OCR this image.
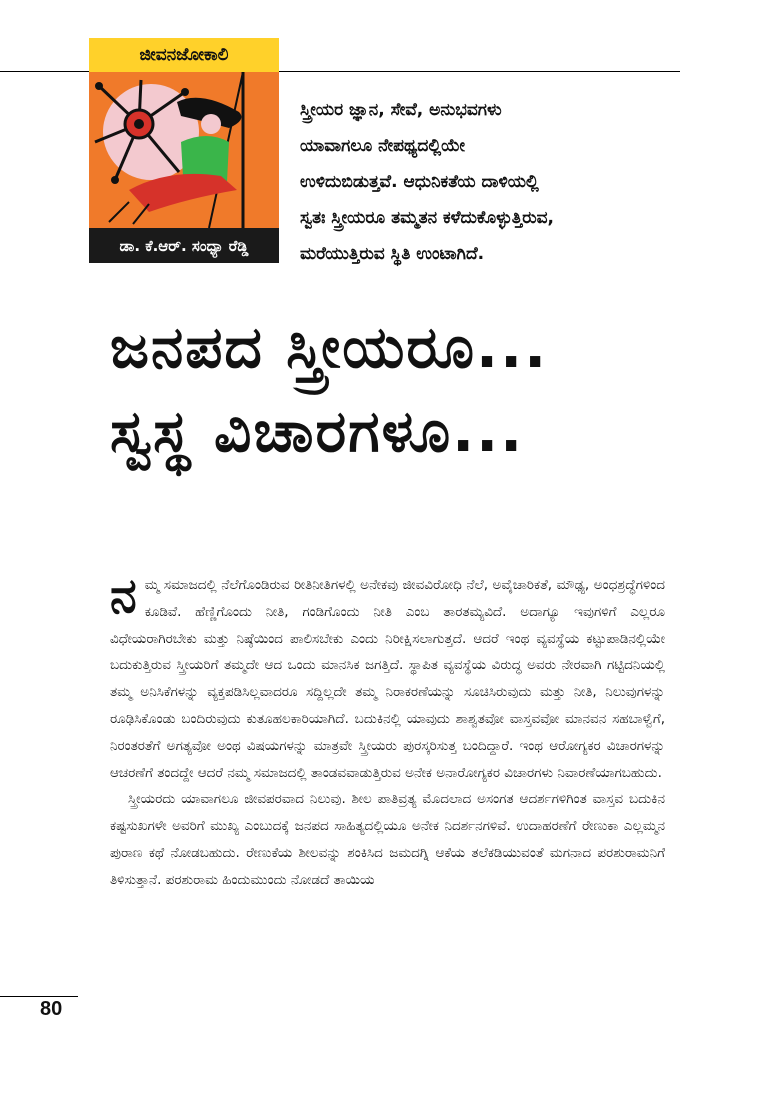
ಜೀವನಜೋಕಾಲಿ
ಡಾ. ಕೆ.ಆರ್. ಸಂಧ್ಯಾ ರೆಡ್ಡಿ

ಸ್ತ್ರೀಯರ ಜ್ಞಾನ, ಸೇವೆ, ಅನುಭವಗಳು

ಯಾವಾಗಲೂ ನೇಪಥ್ಯದಲ್ಲಿಯೇ

ಉಳಿದುಬಿಡುತ್ತವೆ. ಆಧುನಿಕತೆಯ ದಾಳಿಯಲ್ಲಿ

ಸ್ವತಃ ಸ್ತ್ರೀಯರೂ ತಮ್ಮತನ ಕಳೆದುಕೊಳ್ಳುತ್ತಿರುವ,

ಮರೆಯುತ್ತಿರುವ ಸ್ಥಿತಿ ಉಂಟಾಗಿದೆ.

ಜನಪದ ಸ್ತ್ರೀಯರೂ...
ಸ್ವಸ್ಥ ವಿಚಾರಗಳೂ...

ನಮ್ಮ ಸಮಾಜದಲ್ಲಿ ನೆಲೆಗೊಂಡಿರುವ ರೀತಿನೀತಿಗಳಲ್ಲಿ ಅನೇಕವು ಜೀವವಿರೋಧಿ ನೆಲೆ, ಅವೈಚಾರಿಕತೆ, ಮೌಢ್ಯ, ಅಂಧಶ್ರದ್ಧೆಗಳಿಂದ ಕೂಡಿವೆ. ಹೆಣ್ಣಿಗೊಂದು ನೀತಿ, ಗಂಡಿಗೊಂದು ನೀತಿ ಎಂಬ ತಾರತಮ್ಯವಿದೆ. ಅದಾಗ್ಯೂ ಇವುಗಳಿಗೆ ಎಲ್ಲರೂ ವಿಧೇಯರಾಗಿರಬೇಕು ಮತ್ತು ನಿಷ್ಠೆಯಿಂದ ಪಾಲಿಸಬೇಕು ಎಂದು ನಿರೀಕ್ಷಿಸಲಾಗುತ್ತದೆ. ಆದರೆ ಇಂಥ ವ್ಯವಸ್ಥೆಯ ಕಟ್ಟುಪಾಡಿನಲ್ಲಿಯೇ ಬದುಕುತ್ತಿರುವ ಸ್ತ್ರೀಯರಿಗೆ ತಮ್ಮದೇ ಆದ ಒಂದು ಮಾನಸಿಕ ಜಗತ್ತಿದೆ. ಸ್ಥಾಪಿತ ವ್ಯವಸ್ಥೆಯ ವಿರುದ್ಧ ಅವರು ನೇರವಾಗಿ ಗಟ್ಟಿದನಿಯಲ್ಲಿ ತಮ್ಮ ಅನಿಸಿಕೆಗಳನ್ನು ವ್ಯಕ್ತಪಡಿಸಿಲ್ಲವಾದರೂ ಸದ್ದಿಲ್ಲದೇ ತಮ್ಮ ನಿರಾಕರಣೆಯನ್ನು ಸೂಚಿಸಿರುವುದು ಮತ್ತು ನೀತಿ, ನಿಲುವುಗಳನ್ನು ರೂಢಿಸಿಕೊಂಡು ಬಂದಿರುವುದು ಕುತೂಹಲಕಾರಿಯಾಗಿದೆ. ಬದುಕಿನಲ್ಲಿ ಯಾವುದು ಶಾಶ್ವತವೋ ವಾಸ್ತವವೋ ಮಾನವನ ಸಹಬಾಳ್ವೆಗೆ, ನಿರಂತರತೆಗೆ ಅಗತ್ಯವೋ ಅಂಥ ವಿಷಯಗಳನ್ನು ಮಾತ್ರವೇ ಸ್ತ್ರೀಯರು ಪುರಸ್ಕರಿಸುತ್ತ ಬಂದಿದ್ದಾರೆ. ಇಂಥ ಆರೋಗ್ಯಕರ ವಿಚಾರಗಳನ್ನು ಆಚರಣೆಗೆ ತಂದದ್ದೇ ಆದರೆ ನಮ್ಮ ಸಮಾಜದಲ್ಲಿ ತಾಂಡವವಾಡುತ್ತಿರುವ ಅನೇಕ ಅನಾರೋಗ್ಯಕರ ವಿಚಾರಗಳು ನಿವಾರಣೆಯಾಗಬಹುದು.

ಸ್ತ್ರೀಯರದು ಯಾವಾಗಲೂ ಜೀವಪರವಾದ ನಿಲುವು. ಶೀಲ ಪಾತಿವ್ರತ್ಯ ಮೊದಲಾದ ಅಸಂಗತ ಆದರ್ಶಗಳಿಗಿಂತ ವಾಸ್ತವ ಬದುಕಿನ ಕಷ್ಟಸುಖಗಳೇ ಅವರಿಗೆ ಮುಖ್ಯ ಎಂಬುದಕ್ಕೆ ಜನಪದ ಸಾಹಿತ್ಯದಲ್ಲಿಯೂ ಅನೇಕ ನಿದರ್ಶನಗಳಿವೆ. ಉದಾಹರಣೆಗೆ ರೇಣುಕಾ ಎಲ್ಲಮ್ಮನ ಪುರಾಣ ಕಥೆ ನೋಡಬಹುದು. ರೇಣುಕೆಯ ಶೀಲವನ್ನು ಶಂಕಿಸಿದ ಜಮದಗ್ನಿ ಆಕೆಯ ತಲೆಕಡಿಯುವಂತೆ ಮಗನಾದ ಪರಶುರಾಮನಿಗೆ ತಿಳಿಸುತ್ತಾನೆ. ಪರಶುರಾಮ ಹಿಂದುಮುಂದು ನೋಡದೆ ತಾಯಿಯ

80
